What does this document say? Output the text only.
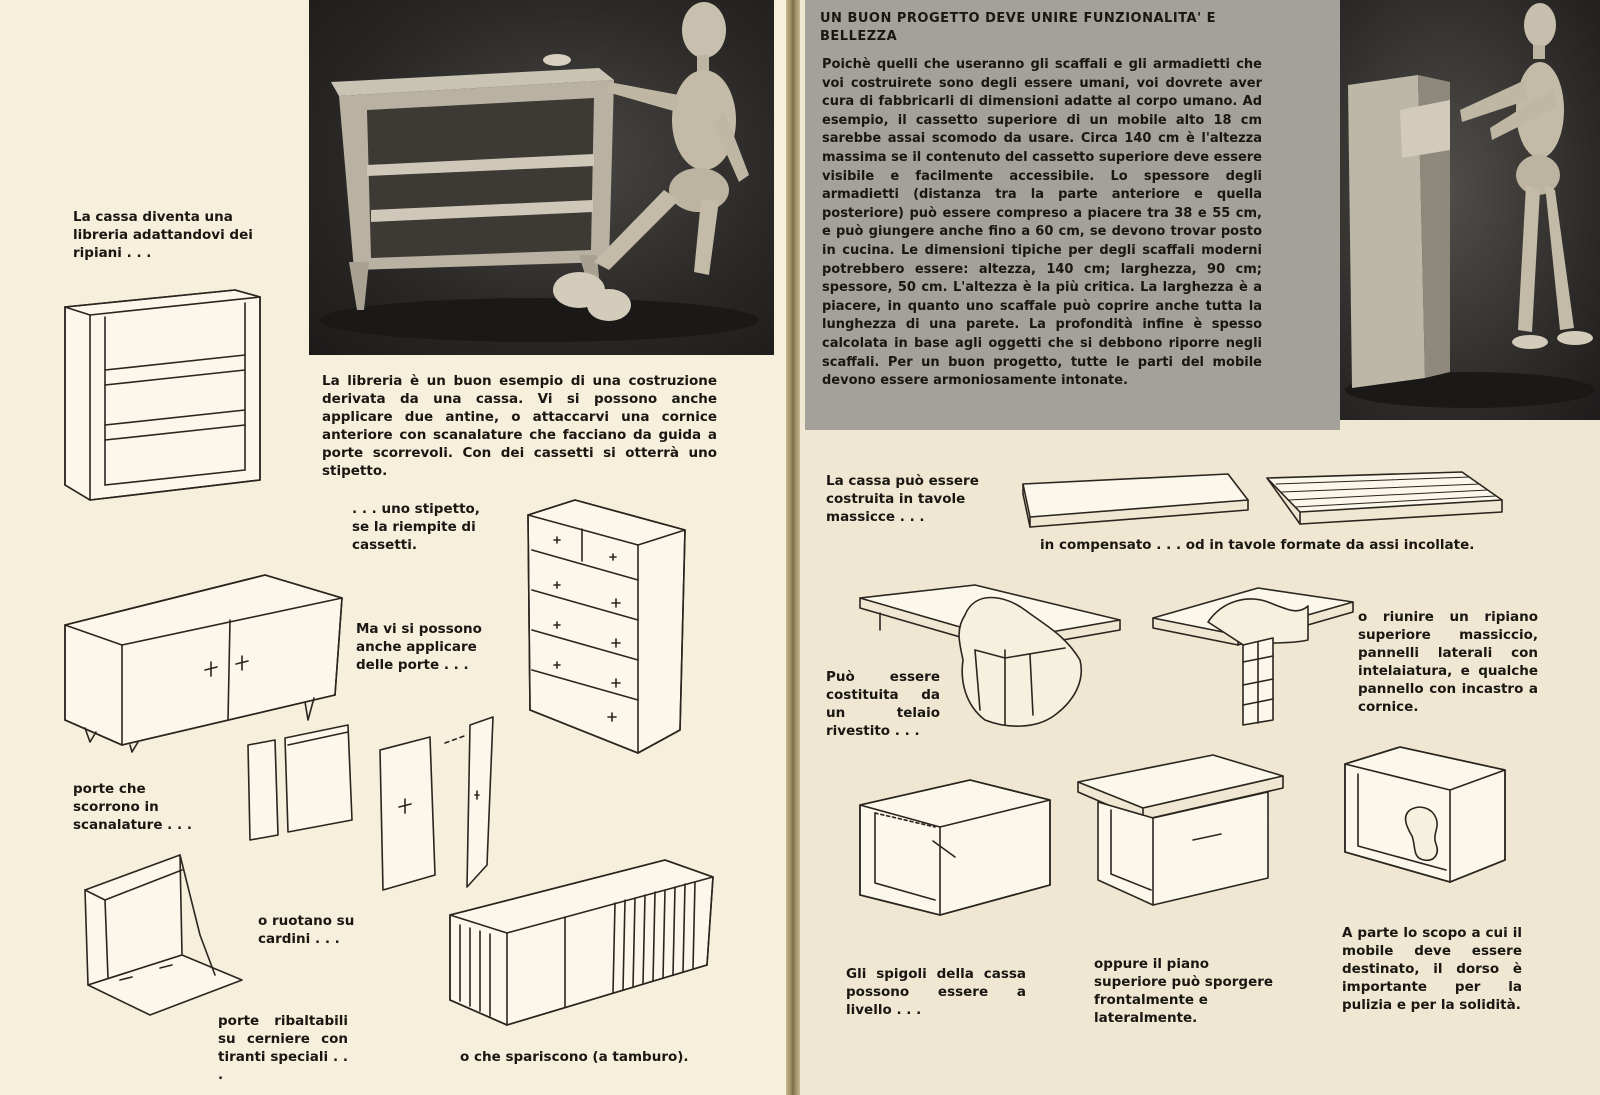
La cassa diventa una libreria adattandovi dei ripiani . . .

La libreria è un buon esempio di una costruzione derivata da una cassa. Vi si possono anche applicare due antine, o attaccarvi una cornice anteriore con scanalature che facciano da guida a porte scorrevoli. Con dei cassetti si otterrà uno stipetto.

. . . uno stipetto, se la riempite di cassetti.

Ma vi si possono anche applicare delle porte . . .

porte che scorrono in scanalature . . .

o ruotano su cardini . . .

porte ribaltabili su cerniere con tiranti speciali . . .

o che spariscono (a tamburo).

UN BUON PROGETTO DEVE UNIRE FUNZIONALITA' E BELLEZZA

Poichè quelli che useranno gli scaffali e gli armadietti che voi costruirete sono degli essere umani, voi dovrete aver cura di fabbricarli di dimensioni adatte al corpo umano. Ad esempio, il cassetto superiore di un mobile alto 18 cm sarebbe assai scomodo da usare. Circa 140 cm è l'altezza massima se il contenuto del cassetto superiore deve essere visibile e facilmente accessibile. Lo spessore degli armadietti (distanza tra la parte anteriore e quella posteriore) può essere compreso a piacere tra 38 e 55 cm, e può giungere anche fino a 60 cm, se devono trovar posto in cucina. Le dimensioni tipiche per degli scaffali moderni potrebbero essere: altezza, 140 cm; larghezza, 90 cm; spessore, 50 cm. L'altezza è la più critica. La larghezza è a piacere, in quanto uno scaffale può coprire anche tutta la lunghezza di una parete. La profondità infine è spesso calcolata in base agli oggetti che si debbono riporre negli scaffali. Per un buon progetto, tutte le parti del mobile devono essere armoniosamente intonate.

La cassa può essere costruita in tavole massicce . . .

in compensato . . . od in tavole formate da assi incollate.

o riunire un ripiano superiore massiccio, pannelli laterali con intelaiatura, e qualche pannello con incastro a cornice.

Può essere costituita da un telaio rivestito . . .

Gli spigoli della cassa possono essere a livello . . .

oppure il piano superiore può sporgere frontalmente e lateralmente.

A parte lo scopo a cui il mobile deve essere destinato, il dorso è importante per la pulizia e per la solidità.
